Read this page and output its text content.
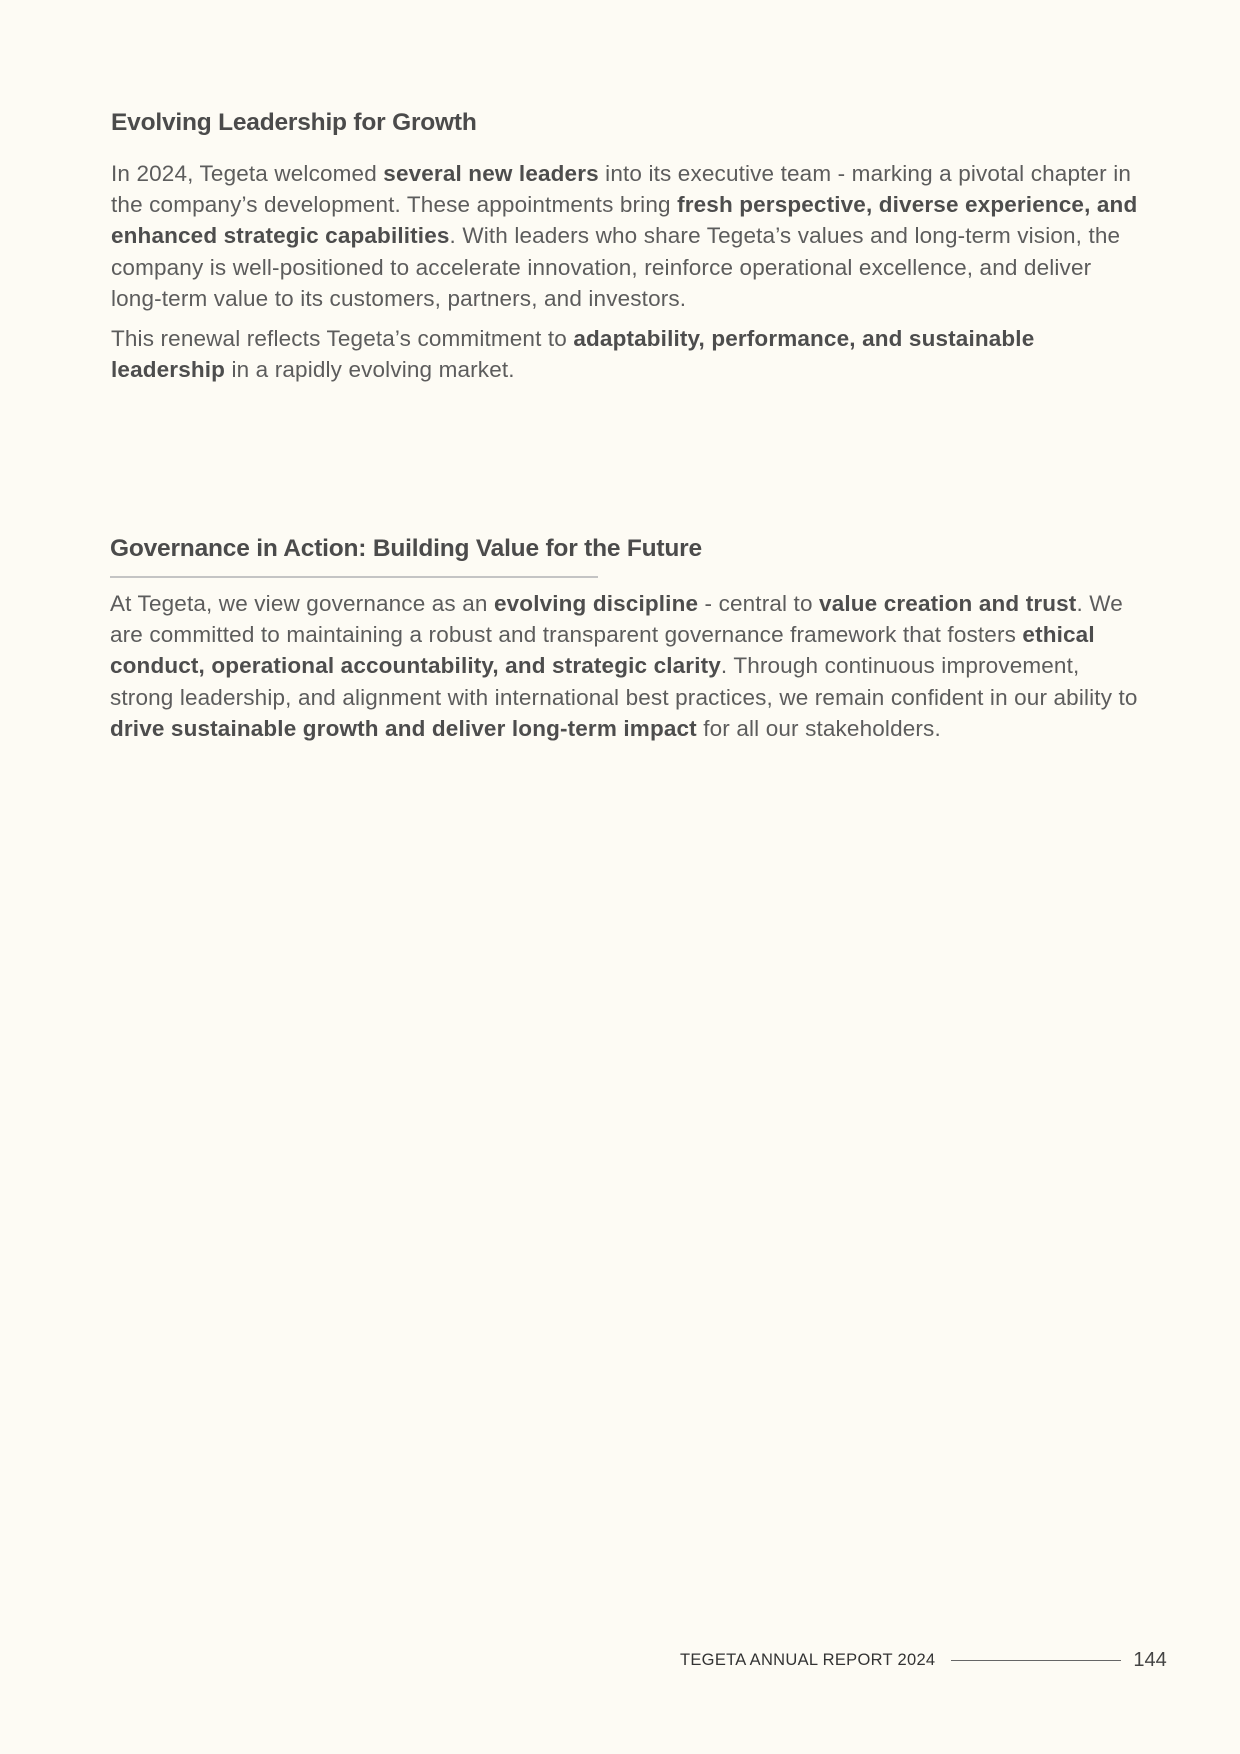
Evolving Leadership for Growth

In 2024, Tegeta welcomed several new leaders into its executive team - marking a pivotal chapter in the company’s development. These appointments bring fresh perspective, diverse experience, and enhanced strategic capabilities. With leaders who share Tegeta’s values and long-term vision, the company is well-positioned to accelerate innovation, reinforce operational excellence, and deliver long-term value to its customers, partners, and investors.

This renewal reflects Tegeta’s commitment to adaptability, performance, and sustainable leadership in a rapidly evolving market.

Governance in Action: Building Value for the Future

At Tegeta, we view governance as an evolving discipline - central to value creation and trust. We are committed to maintaining a robust and transparent governance framework that fosters ethical conduct, operational accountability, and strategic clarity. Through continuous improvement, strong leadership, and alignment with international best practices, we remain confident in our ability to drive sustainable growth and deliver long-term impact for all our stakeholders.

TEGETA ANNUAL REPORT 2024	144
